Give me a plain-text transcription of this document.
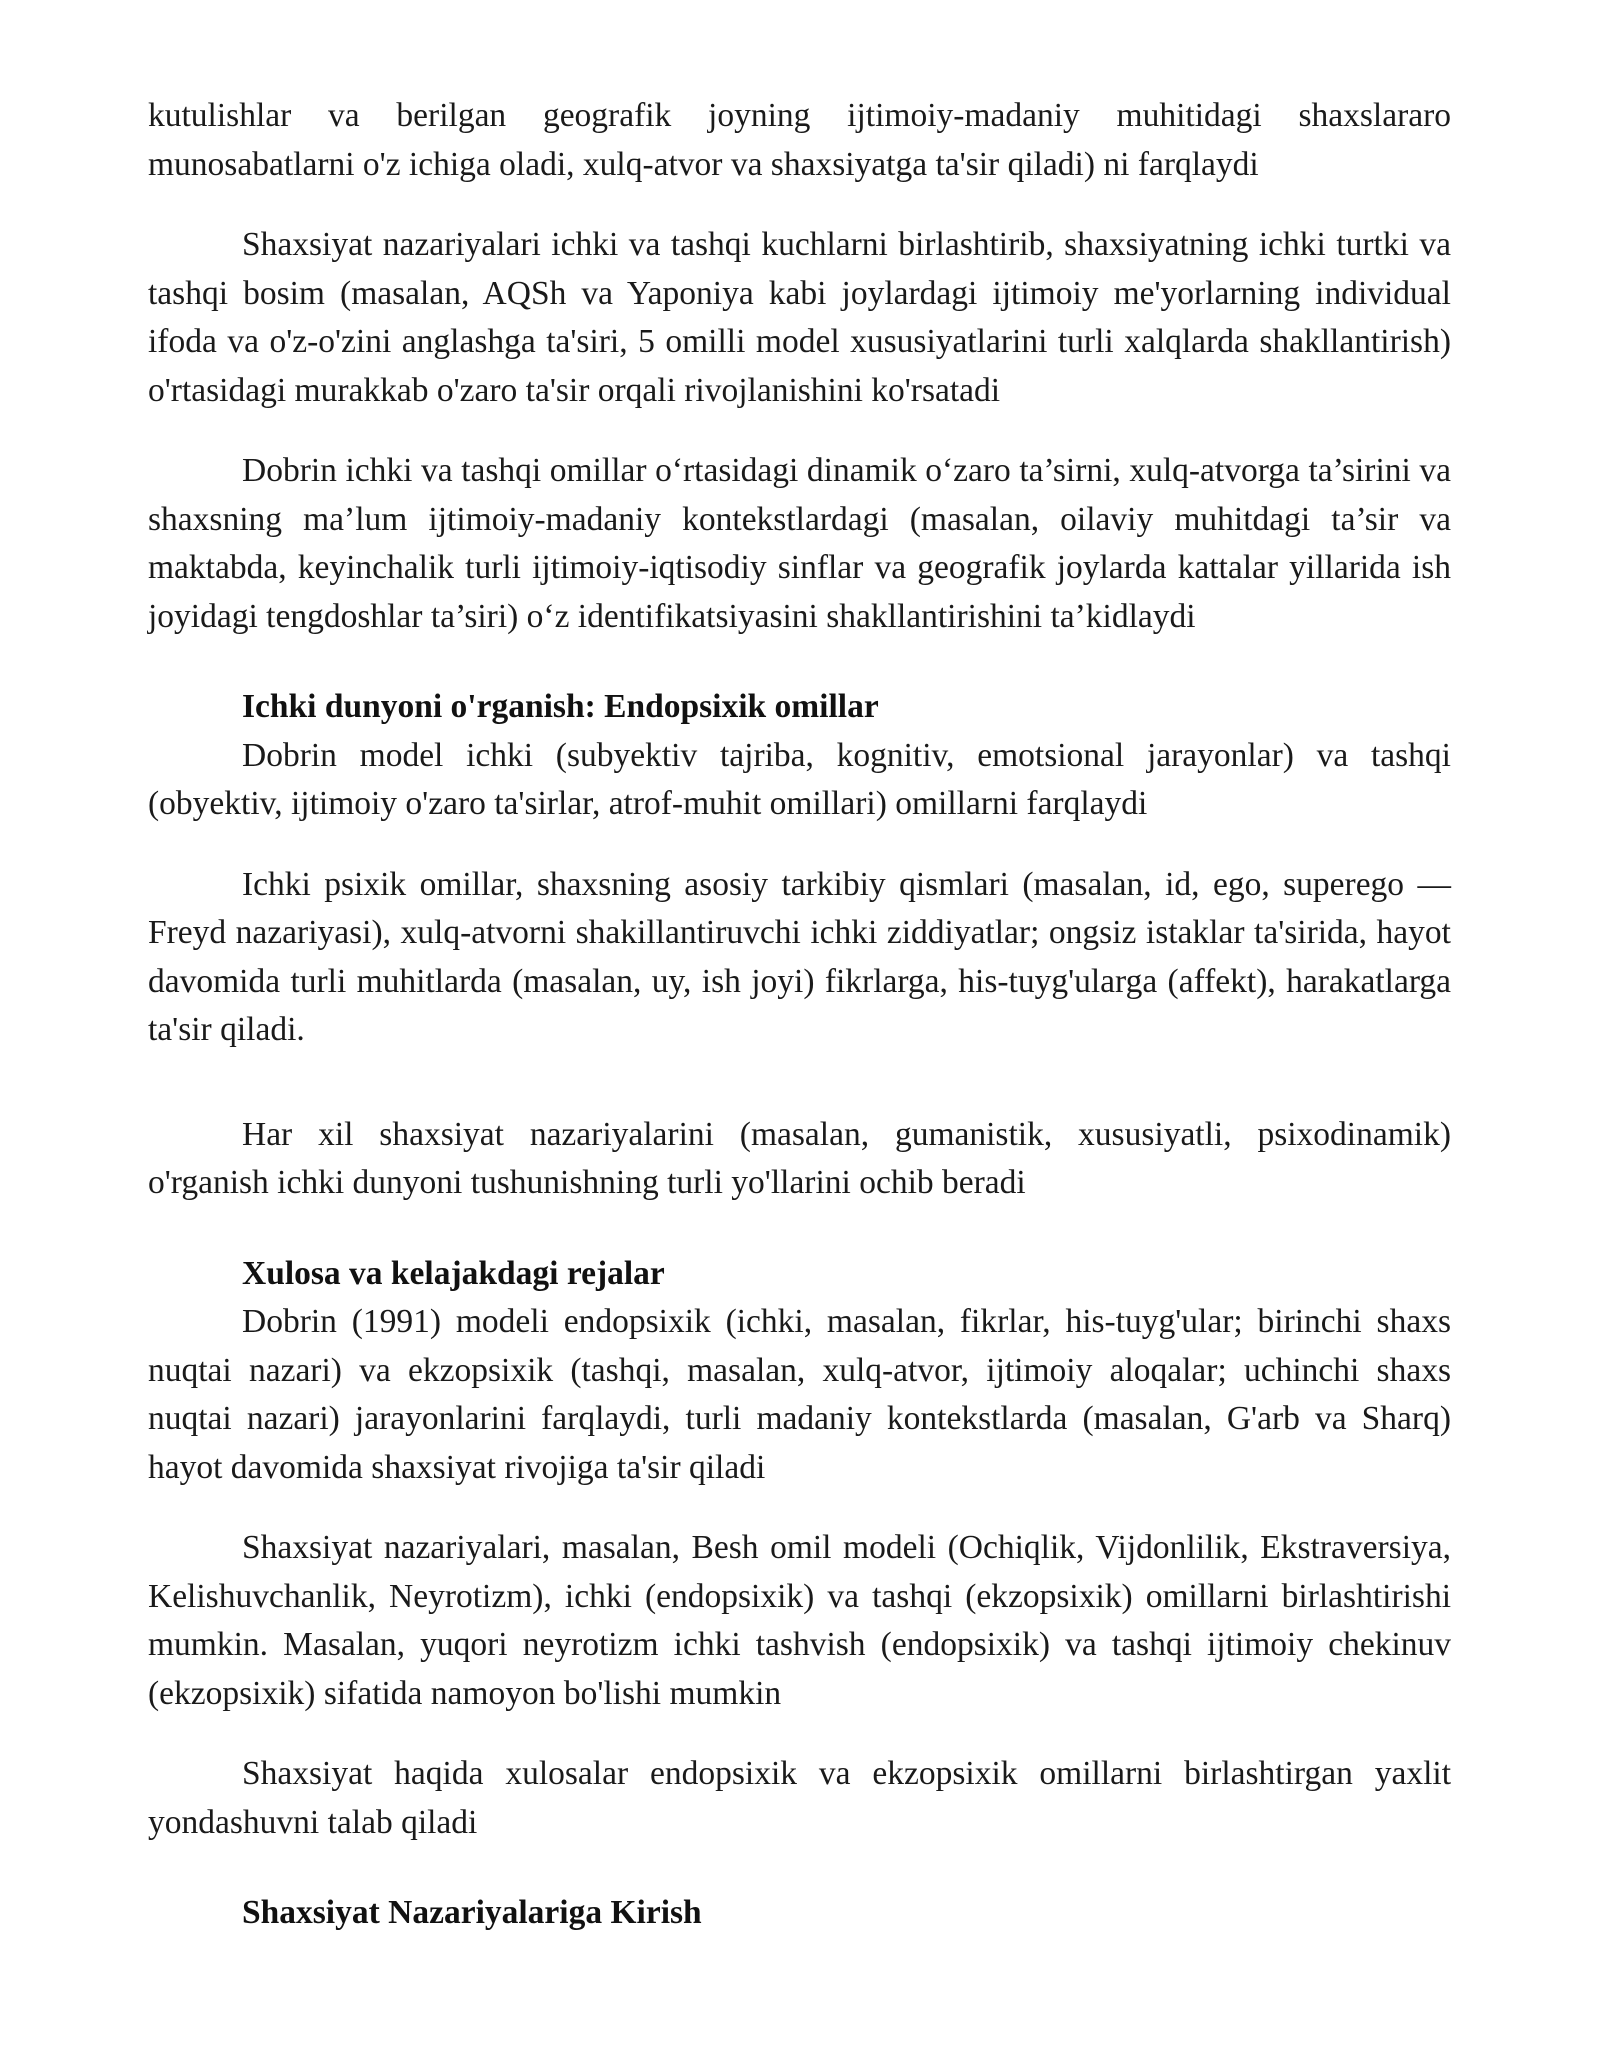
kutulishlar va berilgan geografik joyning ijtimoiy-madaniy muhitidagi shaxslararo munosabatlarni o'z ichiga oladi, xulq-atvor va shaxsiyatga ta'sir qiladi) ni farqlaydi

Shaxsiyat nazariyalari ichki va tashqi kuchlarni birlashtirib, shaxsiyatning ichki turtki va tashqi bosim (masalan, AQSh va Yaponiya kabi joylardagi ijtimoiy me'yorlarning individual ifoda va o'z-o'zini anglashga ta'siri, 5 omilli model xususiyatlarini turli xalqlarda shakllantirish) o'rtasidagi murakkab o'zaro ta'sir orqali rivojlanishini ko'rsatadi

Dobrin ichki va tashqi omillar o‘rtasidagi dinamik o‘zaro ta’sirni, xulq-atvorga ta’sirini va shaxsning ma’lum ijtimoiy-madaniy kontekstlardagi (masalan, oilaviy muhitdagi ta’sir va maktabda, keyinchalik turli ijtimoiy-iqtisodiy sinflar va geografik joylarda kattalar yillarida ish joyidagi tengdoshlar ta’siri) o‘z identifikatsiyasini shakllantirishini ta’kidlaydi

Ichki dunyoni o'rganish: Endopsixik omillar

Dobrin model ichki (subyektiv tajriba, kognitiv, emotsional jarayonlar) va tashqi (obyektiv, ijtimoiy o'zaro ta'sirlar, atrof-muhit omillari) omillarni farqlaydi

Ichki psixik omillar, shaxsning asosiy tarkibiy qismlari (masalan, id, ego, superego — Freyd nazariyasi), xulq-atvorni shakillantiruvchi ichki ziddiyatlar; ongsiz istaklar ta'sirida, hayot davomida turli muhitlarda (masalan, uy, ish joyi) fikrlarga, his-tuyg'ularga (affekt), harakatlarga ta'sir qiladi.

Har xil shaxsiyat nazariyalarini (masalan, gumanistik, xususiyatli, psixodinamik) o'rganish ichki dunyoni tushunishning turli yo'llarini ochib beradi

Xulosa va kelajakdagi rejalar

Dobrin (1991) modeli endopsixik (ichki, masalan, fikrlar, his-tuyg'ular; birinchi shaxs nuqtai nazari) va ekzopsixik (tashqi, masalan, xulq-atvor, ijtimoiy aloqalar; uchinchi shaxs nuqtai nazari) jarayonlarini farqlaydi, turli madaniy kontekstlarda (masalan, G'arb va Sharq) hayot davomida shaxsiyat rivojiga ta'sir qiladi

Shaxsiyat nazariyalari, masalan, Besh omil modeli (Ochiqlik, Vijdonlilik, Ekstraversiya, Kelishuvchanlik, Neyrotizm), ichki (endopsixik) va tashqi (ekzopsixik) omillarni birlashtirishi mumkin. Masalan, yuqori neyrotizm ichki tashvish (endopsixik) va tashqi ijtimoiy chekinuv (ekzopsixik) sifatida namoyon bo'lishi mumkin

Shaxsiyat haqida xulosalar endopsixik va ekzopsixik omillarni birlashtirgan yaxlit yondashuvni talab qiladi

Shaxsiyat Nazariyalariga Kirish
